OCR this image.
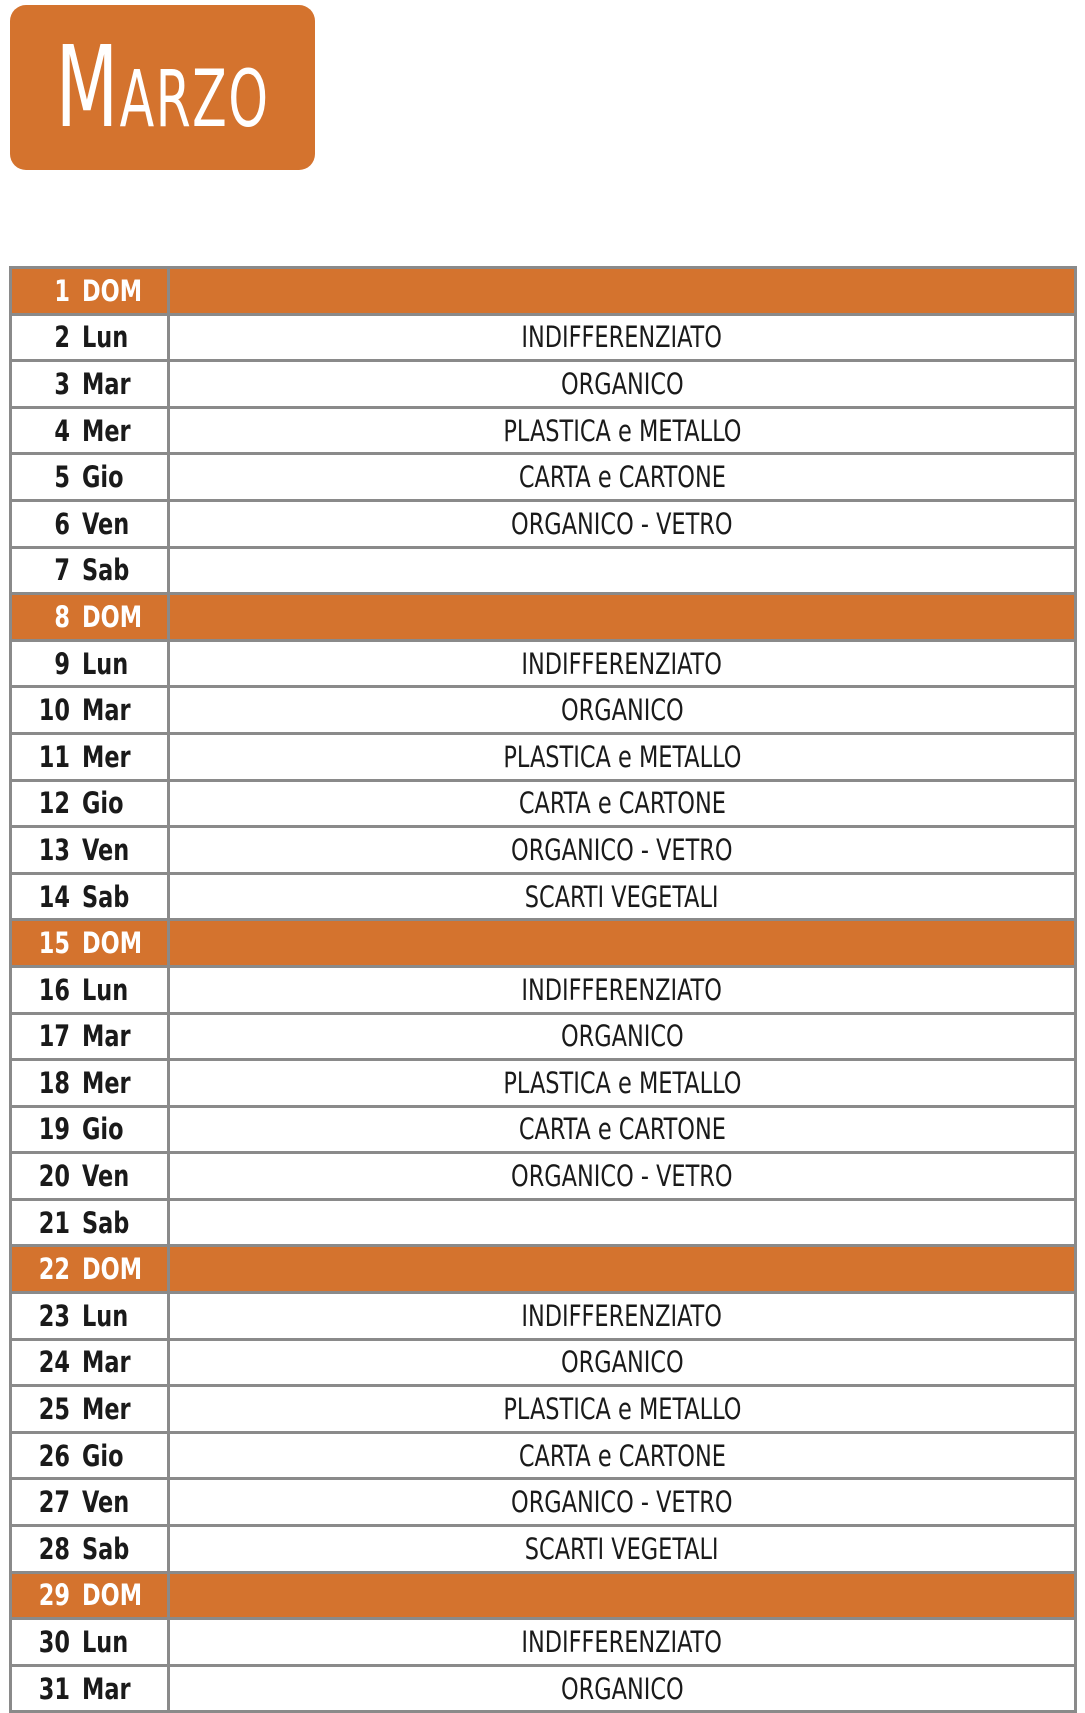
Marzo
1 DOM	

2 Lun	INDIFFERENZIATO

3 Mar	ORGANICO

4 Mer	PLASTICA e METALLO

5 Gio	CARTA e CARTONE

6 Ven	ORGANICO - VETRO

7 Sab	

8 DOM	

9 Lun	INDIFFERENZIATO

10 Mar	ORGANICO

11 Mer	PLASTICA e METALLO

12 Gio	CARTA e CARTONE

13 Ven	ORGANICO - VETRO

14 Sab	SCARTI VEGETALI

15 DOM	

16 Lun	INDIFFERENZIATO

17 Mar	ORGANICO

18 Mer	PLASTICA e METALLO

19 Gio	CARTA e CARTONE

20 Ven	ORGANICO - VETRO

21 Sab	

22 DOM	

23 Lun	INDIFFERENZIATO

24 Mar	ORGANICO

25 Mer	PLASTICA e METALLO

26 Gio	CARTA e CARTONE

27 Ven	ORGANICO - VETRO

28 Sab	SCARTI VEGETALI

29 DOM	

30 Lun	INDIFFERENZIATO

31 Mar	ORGANICO
